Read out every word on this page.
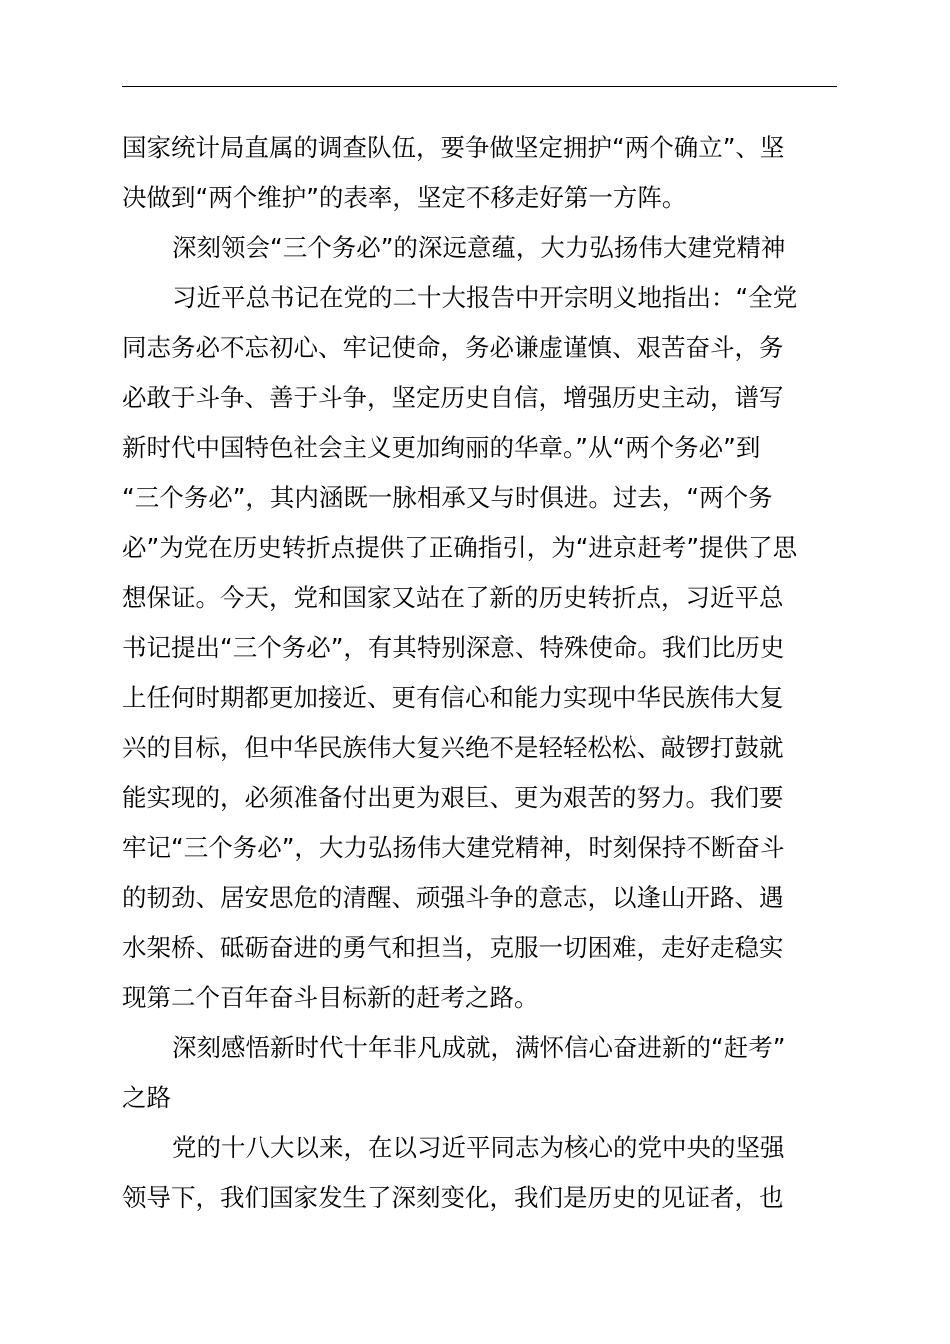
国家统计局直属的调查队伍，要争做坚定拥护“两个确立”、坚
决做到“两个维护”的表率，坚定不移走好第一方阵。
深刻领会“三个务必”的深远意蕴，大力弘扬伟大建党精神
习近平总书记在党的二十大报告中开宗明义地指出：“全党
同志务必不忘初心、牢记使命，务必谦虚谨慎、艰苦奋斗，务
必敢于斗争、善于斗争，坚定历史自信，增强历史主动，谱写
新时代中国特色社会主义更加绚丽的华章。”从“两个务必”到
“三个务必”，其内涵既一脉相承又与时俱进。过去，“两个务
必”为党在历史转折点提供了正确指引，为“进京赶考”提供了思
想保证。今天，党和国家又站在了新的历史转折点，习近平总
书记提出“三个务必”，有其特别深意、特殊使命。我们比历史
上任何时期都更加接近、更有信心和能力实现中华民族伟大复
兴的目标，但中华民族伟大复兴绝不是轻轻松松、敲锣打鼓就
能实现的，必须准备付出更为艰巨、更为艰苦的努力。我们要
牢记“三个务必”，大力弘扬伟大建党精神，时刻保持不断奋斗
的韧劲、居安思危的清醒、顽强斗争的意志，以逢山开路、遇
水架桥、砥砺奋进的勇气和担当，克服一切困难，走好走稳实
现第二个百年奋斗目标新的赶考之路。
深刻感悟新时代十年非凡成就，满怀信心奋进新的“赶考”
之路
党的十八大以来，在以习近平同志为核心的党中央的坚强
领导下，我们国家发生了深刻变化，我们是历史的见证者，也
